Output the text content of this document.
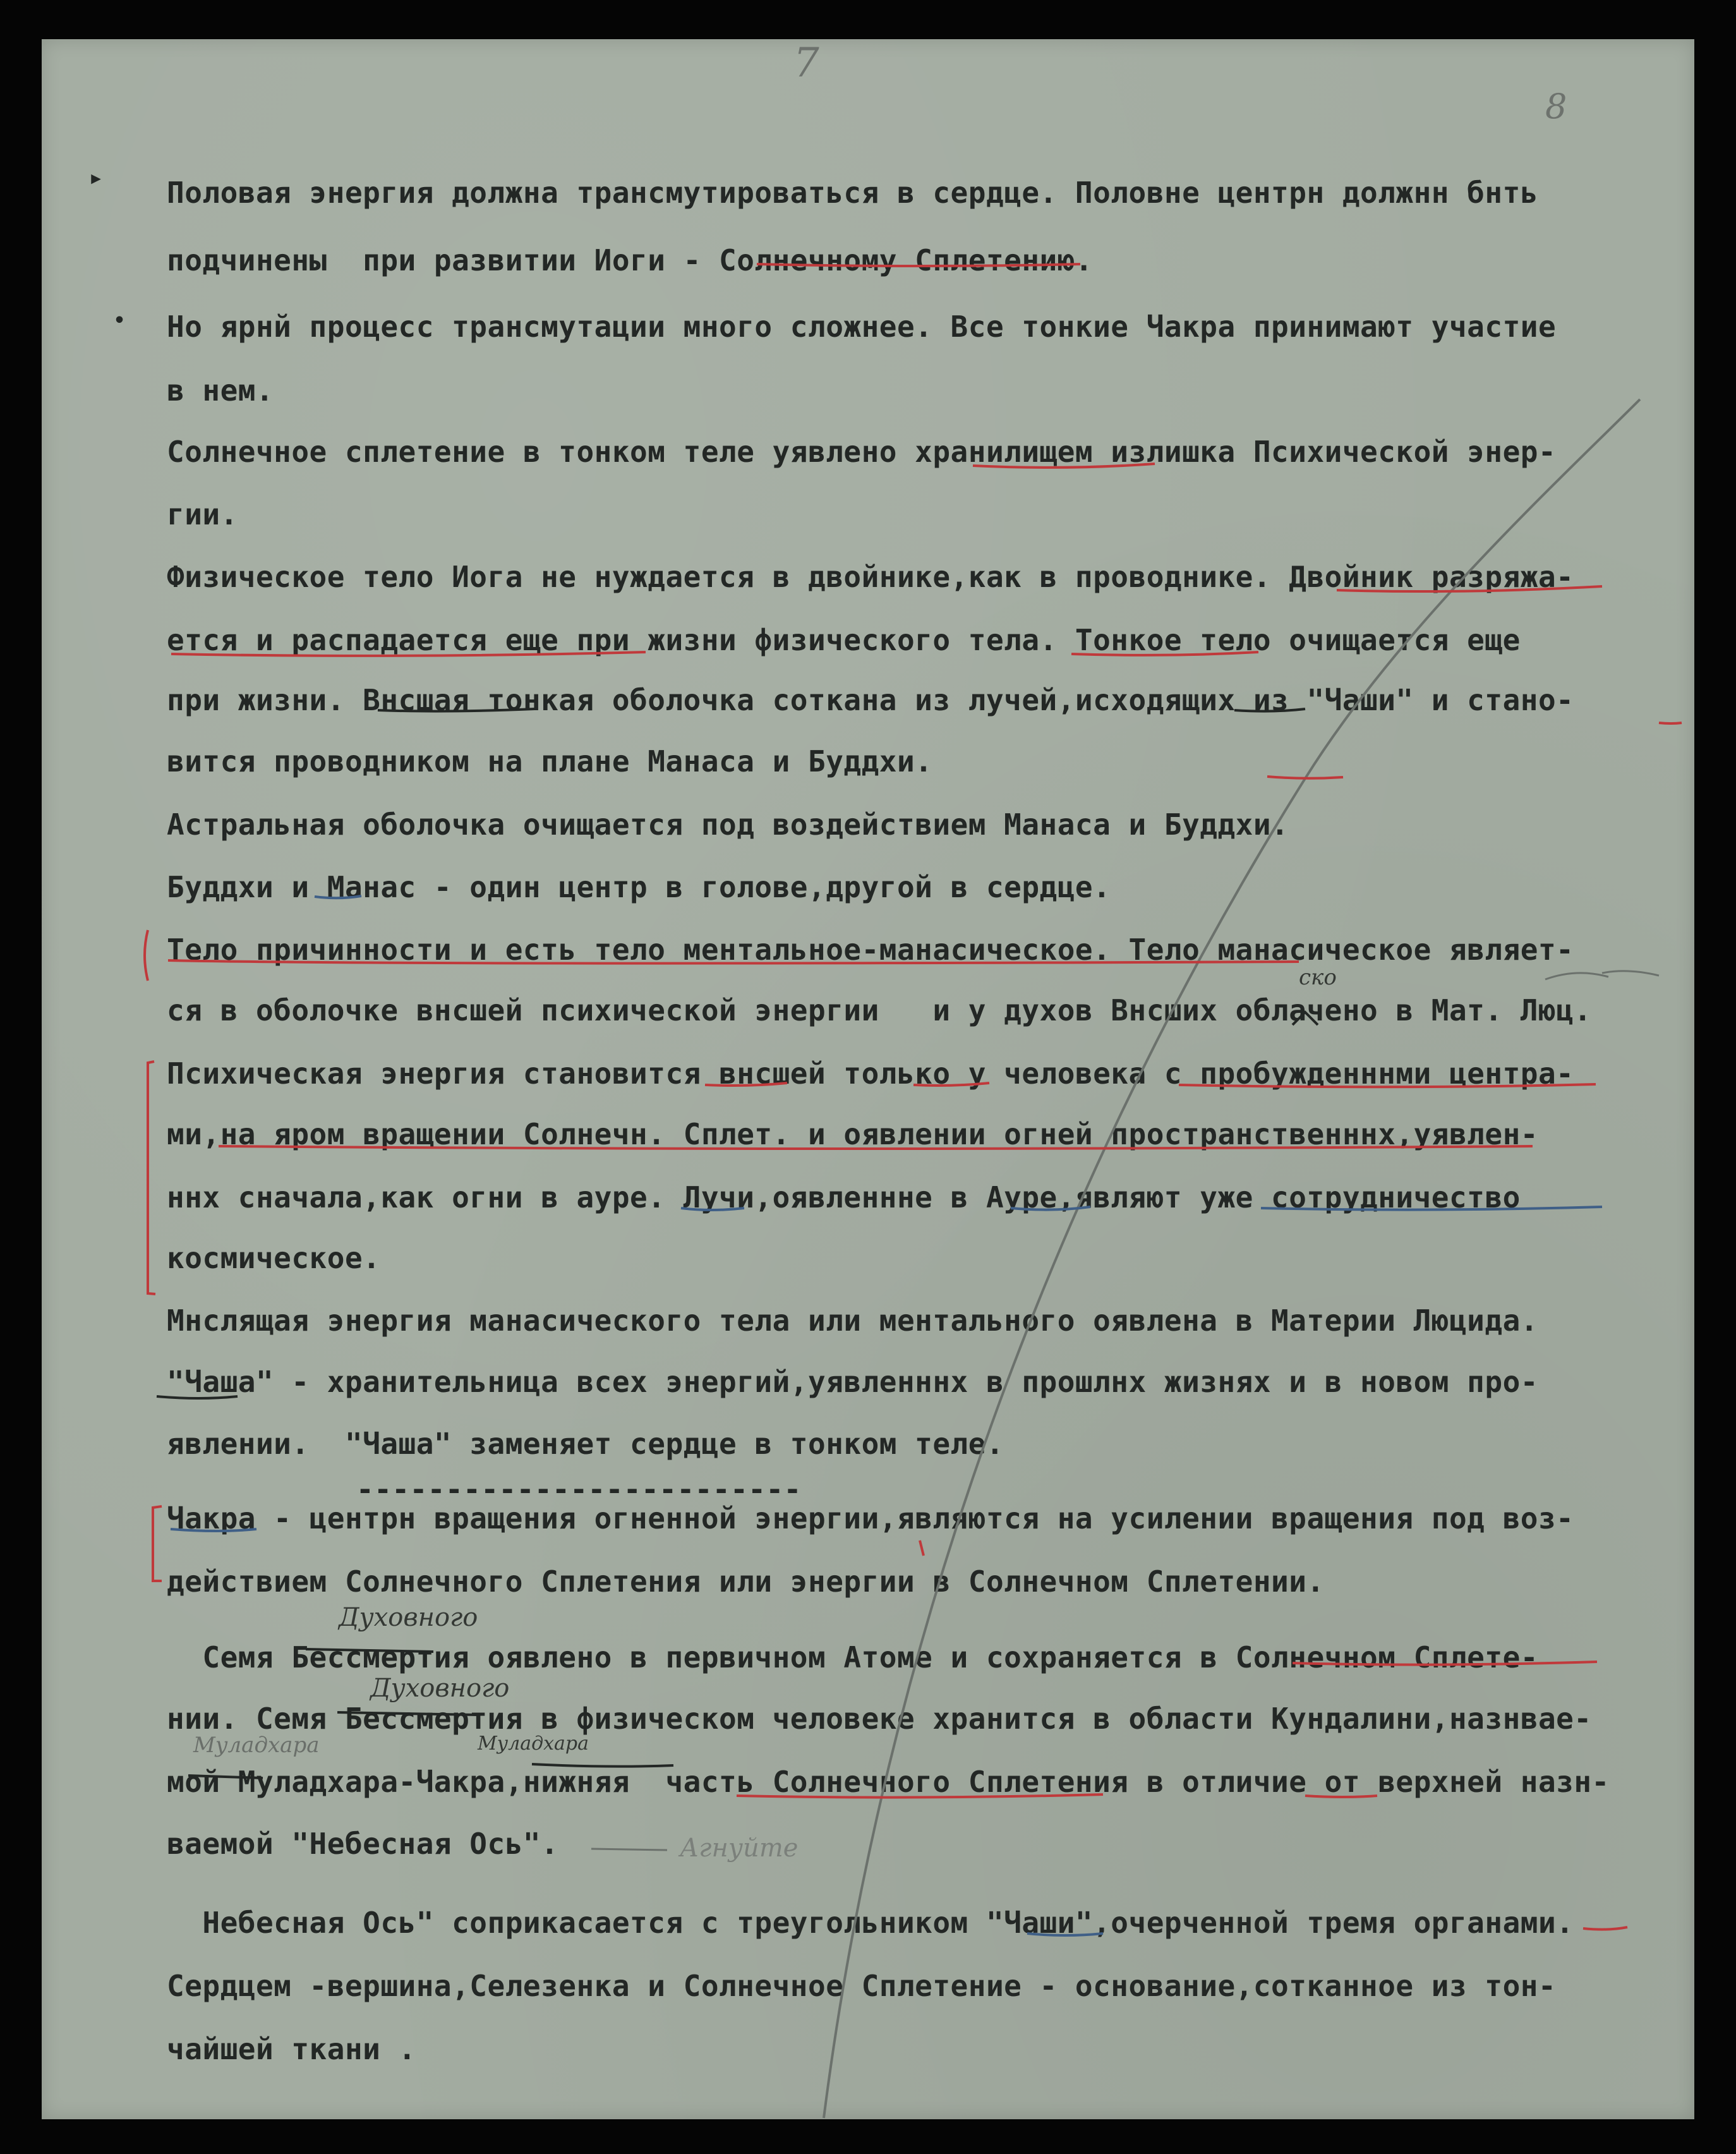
7
8
▸
•
Половая энергия должна трансмутироваться в сердце. Половне центрн должнн бнть
подчинены  при развитии Иоги - Солнечному Сплетению.
Но ярнй процесс трансмутации много сложнее. Все тонкие Чакра принимают участие
в нем.
Солнечное сплетение в тонком теле уявлено хранилищем излишка Психической энер-
гии.
Физическое тело Иога не нуждается в двойнике,как в проводнике. Двойник разряжа-
ется и распадается еще при жизни физического тела. Тонкое тело очищается еще
при жизни. Внсшая тонкая оболочка соткана из лучей,исходящих из "Чаши" и стано-
вится проводником на плане Манаса и Буддхи.
Астральная оболочка очищается под воздействием Манаса и Буддхи.
Буддхи и Манас - один центр в голове,другой в сердце.
Тело причинности и есть тело ментальное-манасическое. Тело манасическое являет-
ся в оболочке внсшей психической энергии   и у духов Внсших облачено в Мат. Люц.
Психическая энергия становится внсшей только у человека с пробужденннми центра-
ми,на яром вращении Солнечн. Сплет. и оявлении огней пространственннх,уявлен-
ннх сначала,как огни в ауре. Лучи,оявленнне в Ауре,являют уже сотрудничество
космическое.
Мнслящая энергия манасического тела или ментального оявлена в Материи Люцида.
"Чаша" - хранительница всех энергий,уявленннх в прошлнх жизнях и в новом про-
явлении.  "Чаша" заменяет сердце в тонком теле.
-------------------------
Чакра - центрн вращения огненной энергии,являются на усилении вращения под воз-
действием Солнечного Сплетения или энергии в Солнечном Сплетении.
Семя Бессмертия оявлено в первичном Атоме и сохраняется в Солнечном Сплете-
нии. Семя Бессмертия в физическом человеке хранится в области Кундалини,назнвае-
мой Муладхара-Чакра,нижняя  часть Солнечного Сплетения в отличие от верхней назн-
ваемой "Небесная Ось".
Небесная Ось" соприкасается с треугольником "Чаши",очерченной тремя органами.
Сердцем -вершина,Селезенка и Солнечное Сплетение - основание,сотканное из тон-
чайшей ткани .
Духовного
Духовного
Муладхара	Муладхара
Агнуйте
ско
